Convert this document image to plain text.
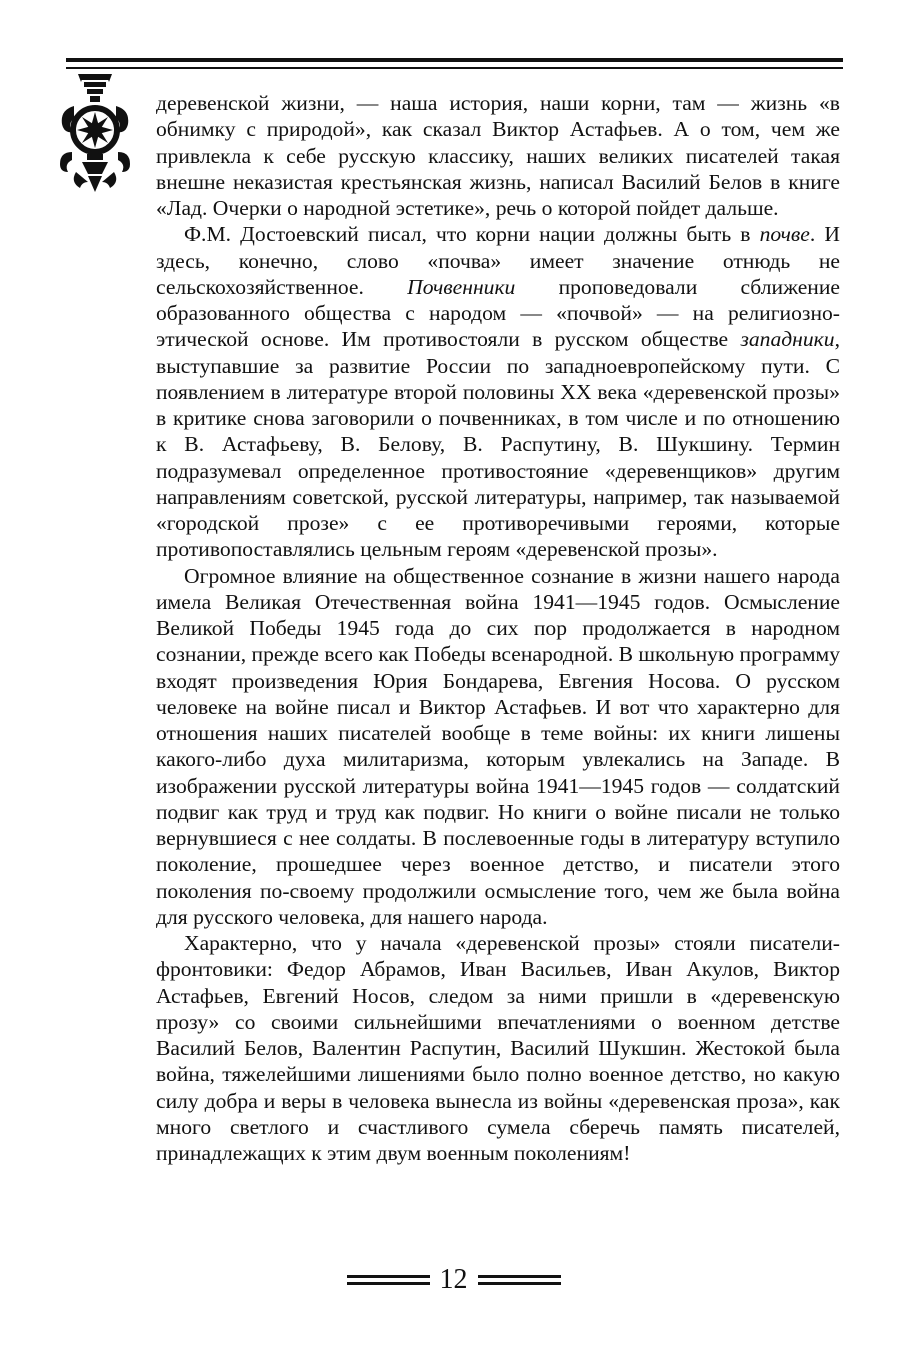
деревенской жизни, — наша история, наши корни, там — жизнь «в обнимку с природой», как сказал Виктор Астафьев. А о том, чем же привлекла к себе русскую классику, наших великих писателей такая внешне неказистая крестьянская жизнь, написал Василий Белов в книге «Лад. Очерки о народной эстетике», речь о которой пойдет дальше.

Ф.М. Достоевский писал, что корни нации должны быть в почве. И здесь, конечно, слово «почва» имеет значение отнюдь не сельскохозяйственное. Почвенники проповедовали сближение образованного общества с народом — «почвой» — на религиозно-этической основе. Им противостояли в русском обществе западники, выступавшие за развитие России по западноевропейскому пути. С появлением в литературе второй половины XX века «деревенской прозы» в критике снова заговорили о почвенниках, в том числе и по отношению к В. Астафьеву, В. Белову, В. Распутину, В. Шукшину. Термин подразумевал определенное противостояние «деревенщиков» другим направлениям советской, русской литературы, например, так называемой «городской прозе» с ее противоречивыми героями, которые противопоставлялись цельным героям «деревенской прозы».

Огромное влияние на общественное сознание в жизни нашего народа имела Великая Отечественная война 1941—1945 годов. Осмысление Великой Победы 1945 года до сих пор продолжается в народном сознании, прежде всего как Победы всенародной. В школьную программу входят произведения Юрия Бондарева, Евгения Носова. О русском человеке на войне писал и Виктор Астафьев. И вот что характерно для отношения наших писателей вообще в теме войны: их книги лишены какого-либо духа милитаризма, которым увлекались на Западе. В изображении русской литературы война 1941—1945 годов — солдатский подвиг как труд и труд как подвиг. Но книги о войне писали не только вернувшиеся с нее солдаты. В послевоенные годы в литературу вступило поколение, прошедшее через военное детство, и писатели этого поколения по-своему продолжили осмысление того, чем же была война для русского человека, для нашего народа.

Характерно, что у начала «деревенской прозы» стояли писатели-фронтовики: Федор Абрамов, Иван Васильев, Иван Акулов, Виктор Астафьев, Евгений Носов, следом за ними пришли в «деревенскую прозу» со своими сильнейшими впечатлениями о военном детстве Василий Белов, Валентин Распутин, Василий Шукшин. Жестокой была война, тяжелейшими лишениями было полно военное детство, но какую силу добра и веры в человека вынесла из войны «деревенская проза», как много светлого и счастливого сумела сберечь память писателей, принадлежащих к этим двум военным поколениям!

12
